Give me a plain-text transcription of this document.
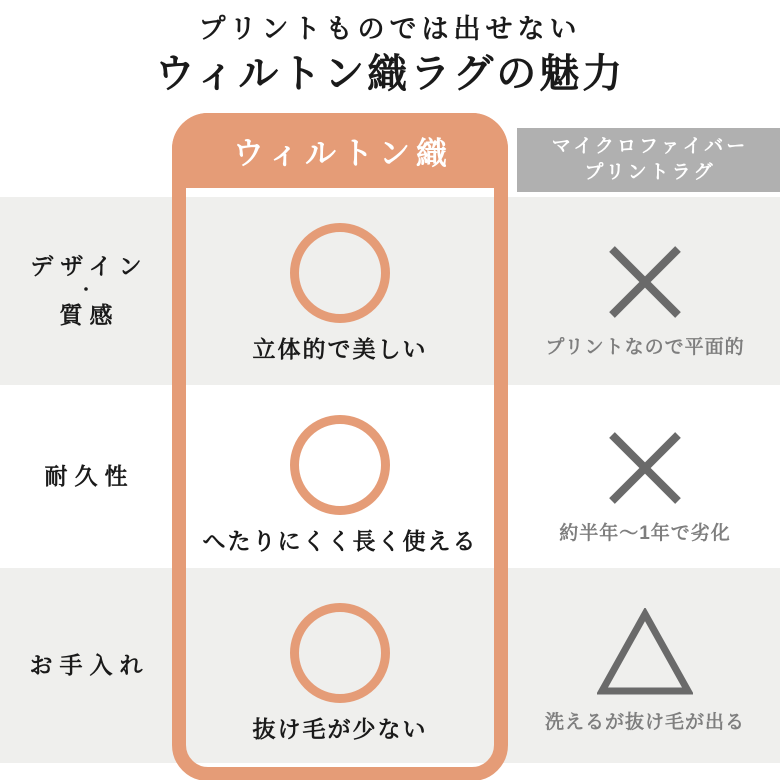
プリントものでは出せない
ウィルトン織ラグの魅力
ウィルトン織	マイクロファイバー
プリントラグ
デザイン
・
質感
耐久性
お手入れ
立体的で美しい
へたりにくく長く使える
抜け毛が少ない
プリントなので平面的
約半年〜1年で劣化
洗えるが抜け毛が出る
